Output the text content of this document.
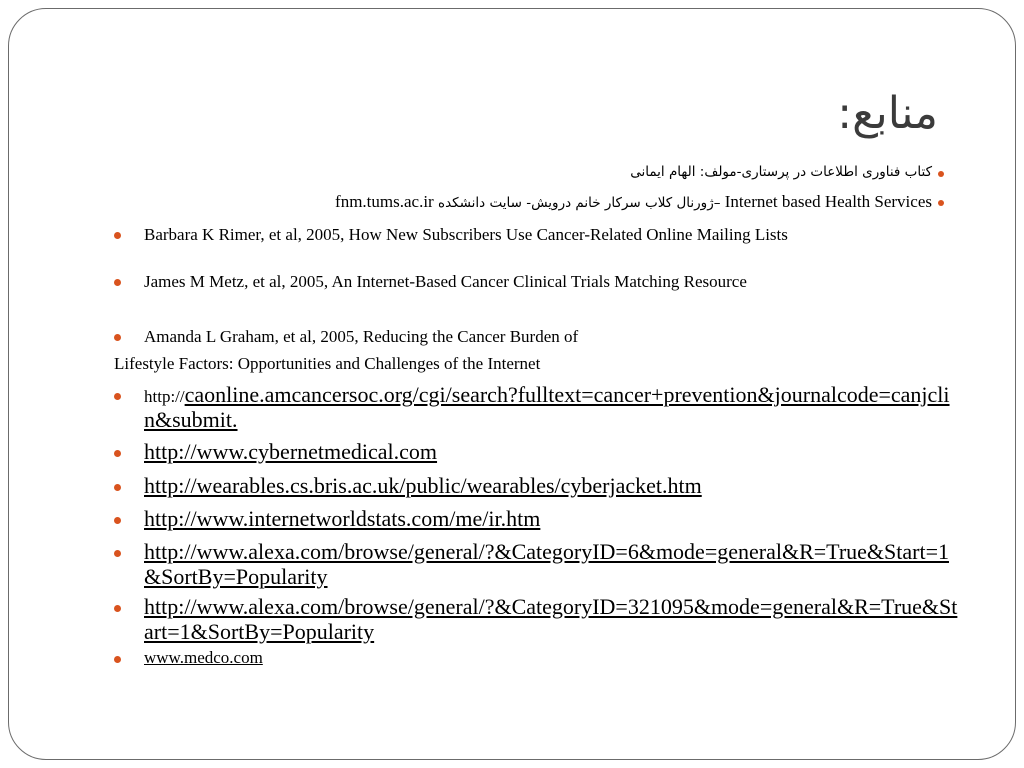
منابع:
کتاب فناوری اطلاعات در پرستاری-مولف: الهام ایمانی
Internet based Health Services –ژورنال کلاب سرکار خانم درویش- سایت دانشکده fnm.tums.ac.ir
Barbara K Rimer, et al, 2005, How New Subscribers Use Cancer-Related Online Mailing Lists
James M Metz, et al, 2005, An Internet-Based Cancer Clinical Trials Matching Resource
Amanda L Graham, et al, 2005, Reducing the Cancer Burden of
Lifestyle Factors: Opportunities and Challenges of the Internet
http://caonline.amcancersoc.org/cgi/search?fulltext=cancer+prevention&journalcode=canjclin&submit.
http://www.cybernetmedical.com
http://wearables.cs.bris.ac.uk/public/wearables/cyberjacket.htm
http://www.internetworldstats.com/me/ir.htm
http://www.alexa.com/browse/general/?&CategoryID=6&mode=general&R=True&Start=1&SortBy=Popularity
http://www.alexa.com/browse/general/?&CategoryID=321095&mode=general&R=True&Start=1&SortBy=Popularity
www.medco.com
